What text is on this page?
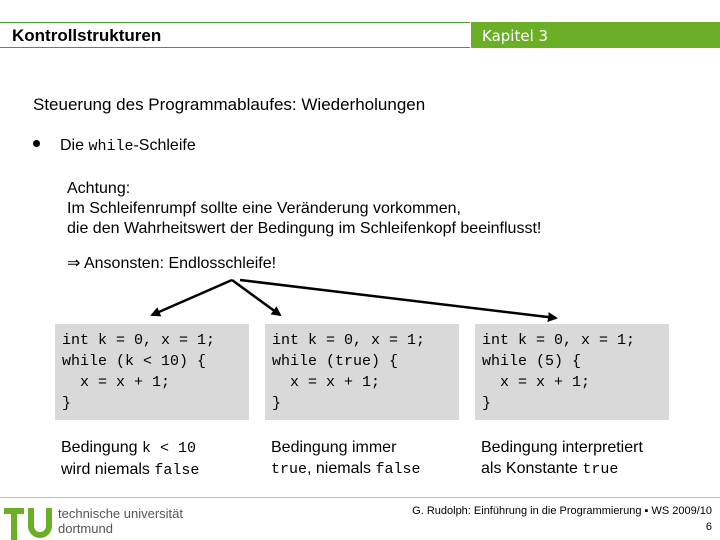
Kontrollstrukturen	Kapitel 3
Steuerung des Programmablaufes: Wiederholungen
Die while-Schleife
Achtung:
Im Schleifenrumpf sollte eine Veränderung vorkommen,
die den Wahrheitswert der Bedingung im Schleifenkopf beeinflusst!
⇒ Ansonsten: Endlosschleife!
int k = 0, x = 1;
while (k < 10) {
x = x + 1;
}
int k = 0, x = 1;
while (true) {
x = x + 1;
}
int k = 0, x = 1;
while (5) {
x = x + 1;
}
Bedingung k < 10
wird niemals false
Bedingung immer
true, niemals false
Bedingung interpretiert
als Konstante true
technische universität
dortmund
G. Rudolph: Einführung in die Programmierung ▪ WS 2009/10
6
